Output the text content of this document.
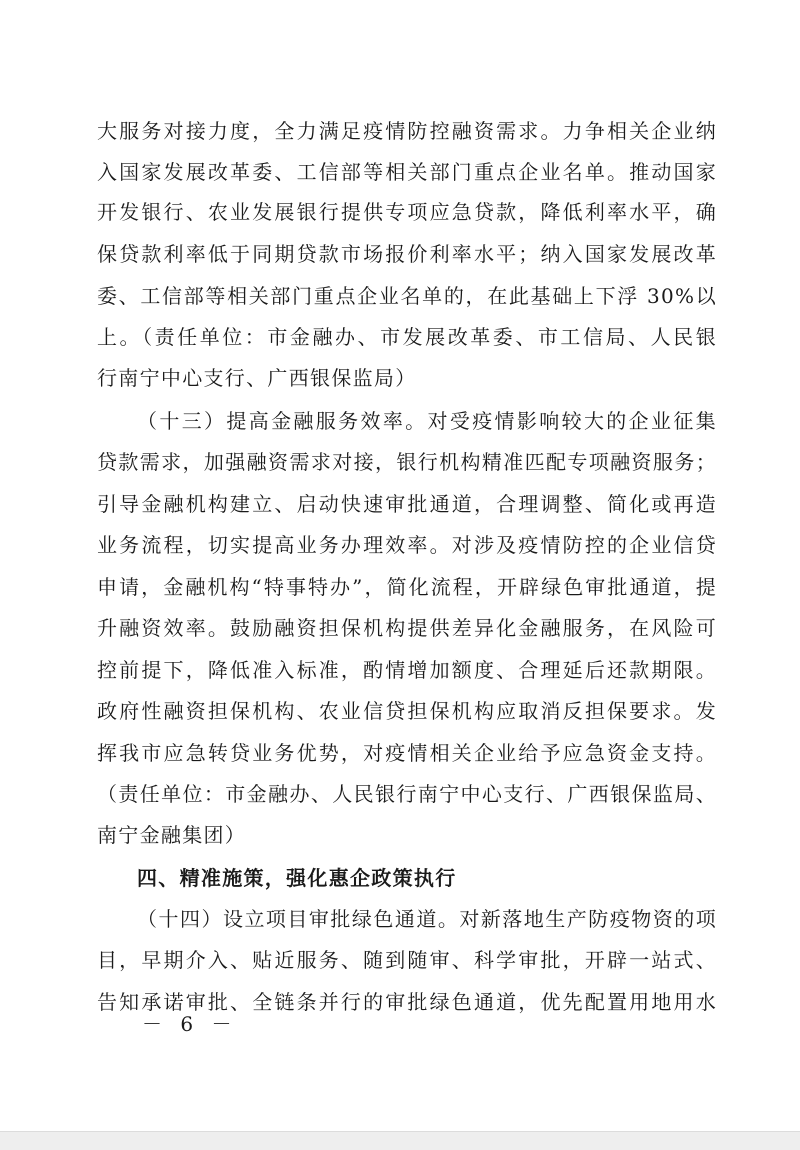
大服务对接力度，全力满足疫情防控融资需求。力争相关企业纳
入国家发展改革委、工信部等相关部门重点企业名单。推动国家
开发银行、农业发展银行提供专项应急贷款，降低利率水平，确
保贷款利率低于同期贷款市场报价利率水平；纳入国家发展改革
委、工信部等相关部门重点企业名单的，在此基础上下浮 30%以
上。（责任单位：市金融办、市发展改革委、市工信局、人民银
行南宁中心支行、广西银保监局）
（十三）提高金融服务效率。对受疫情影响较大的企业征集
贷款需求，加强融资需求对接，银行机构精准匹配专项融资服务；
引导金融机构建立、启动快速审批通道，合理调整、简化或再造
业务流程，切实提高业务办理效率。对涉及疫情防控的企业信贷
申请，金融机构“特事特办”，简化流程，开辟绿色审批通道，提
升融资效率。鼓励融资担保机构提供差异化金融服务，在风险可
控前提下，降低准入标准，酌情增加额度、合理延后还款期限。
政府性融资担保机构、农业信贷担保机构应取消反担保要求。发
挥我市应急转贷业务优势，对疫情相关企业给予应急资金支持。
（责任单位：市金融办、人民银行南宁中心支行、广西银保监局、
南宁金融集团）
四、精准施策，强化惠企政策执行
（十四）设立项目审批绿色通道。对新落地生产防疫物资的项
目，早期介入、贴近服务、随到随审、科学审批，开辟一站式、
告知承诺审批、全链条并行的审批绿色通道，优先配置用地用水
－ 6 －
